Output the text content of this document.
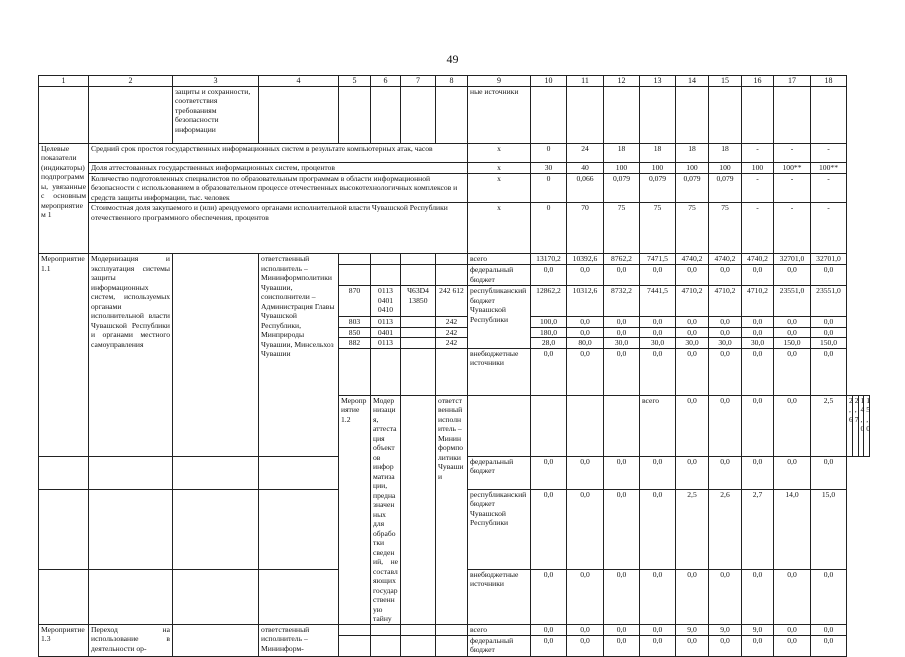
49
1	2	3	4	5	6	7	8	9	10	11	12	13	14	15	16	17	18				
		защиты и сохранности, соответствия требованиям безопасности информации						ные источники													
Целевые показатели (индикаторы) подпрограммы, увязанные с основным мероприятием 1	Средний срок простоя государственных информационных систем в результате компьютерных атак, часов							x	0	24	18	18	18	18	-	-	-				
	Доля аттестованных государственных информационных систем, процентов							x	30	40	100	100	100	100	100	100**	100**				
	Количество подготовленных специалистов по образовательным программам в области информационной безопасности с использованием в образовательном процессе отечественных высокотехнологичных комплексов и средств защиты информации, тыс. человек							x	0	0,066	0,079	0,079	0,079	0,079	-	-	-				
	Стоимостная доля закупаемого и (или) арендуемого органами исполнительной власти Чувашской Республики отечественного программного обеспечения, процентов							x	0	70	75	75	75	75	-	-	-				
Мероприятие 1.1	Модернизация и эксплуатация системы защиты информационных систем, используемых органами исполнительной власти Чувашской Республики и органами местного самоуправления		ответственный исполнитель – Мининформполитики Чувашии, соисполнители – Администрация Главы Чувашской Республики, Минприроды Чувашии, Минсельхоз Чувашии					всего	13170,2	10392,6	8762,2	7471,5	4740,2	4740,2	4740,2	32701,0	32701,0				
								федеральный бюджет	0,0	0,0	0,0	0,0	0,0	0,0	0,0	0,0	0,0				
				870	0113 0401 0410	Ч63D4 13850	242 612	республиканский бюджет Чувашской Республики	12862,2	10312,6	8732,2	7441,5	4710,2	4710,2	4710,2	23551,0	23551,0				
				803	0113		242		100,0	0,0	0,0	0,0	0,0	0,0	0,0	0,0	0,0				
				850	0401		242		180,0	0,0	0,0	0,0	0,0	0,0	0,0	0,0	0,0				
				882	0113		242		28,0	80,0	30,0	30,0	30,0	30,0	30,0	150,0	150,0				
								внебюджетные источники	0,0	0,0	0,0	0,0	0,0	0,0	0,0	0,0	0,0				
				Мероприятие 1.2	Модернизация, аттестация объектов информатизации, предназначенных для обработки сведений, не составляющих государственную тайну		ответственный исполнитель – Мининформполитики Чувашии					всего	0,0	0,0	0,0	0,0	2,5	2,6	2,7	14,0	15,0
								федеральный бюджет	0,0	0,0	0,0	0,0	0,0	0,0	0,0	0,0	0,0				
								республиканский бюджет Чувашской Республики	0,0	0,0	0,0	0,0	2,5	2,6	2,7	14,0	15,0				
								внебюджетные источники	0,0	0,0	0,0	0,0	0,0	0,0	0,0	0,0	0,0				
Мероприятие 1.3	Переход на использование в деятельности ор-		ответственный исполнитель – Мининформ-					всего	0,0	0,0	0,0	0,0	9,0	9,0	9,0	0,0	0,0				
								федеральный бюджет	0,0	0,0	0,0	0,0	0,0	0,0	0,0	0,0	0,0				
